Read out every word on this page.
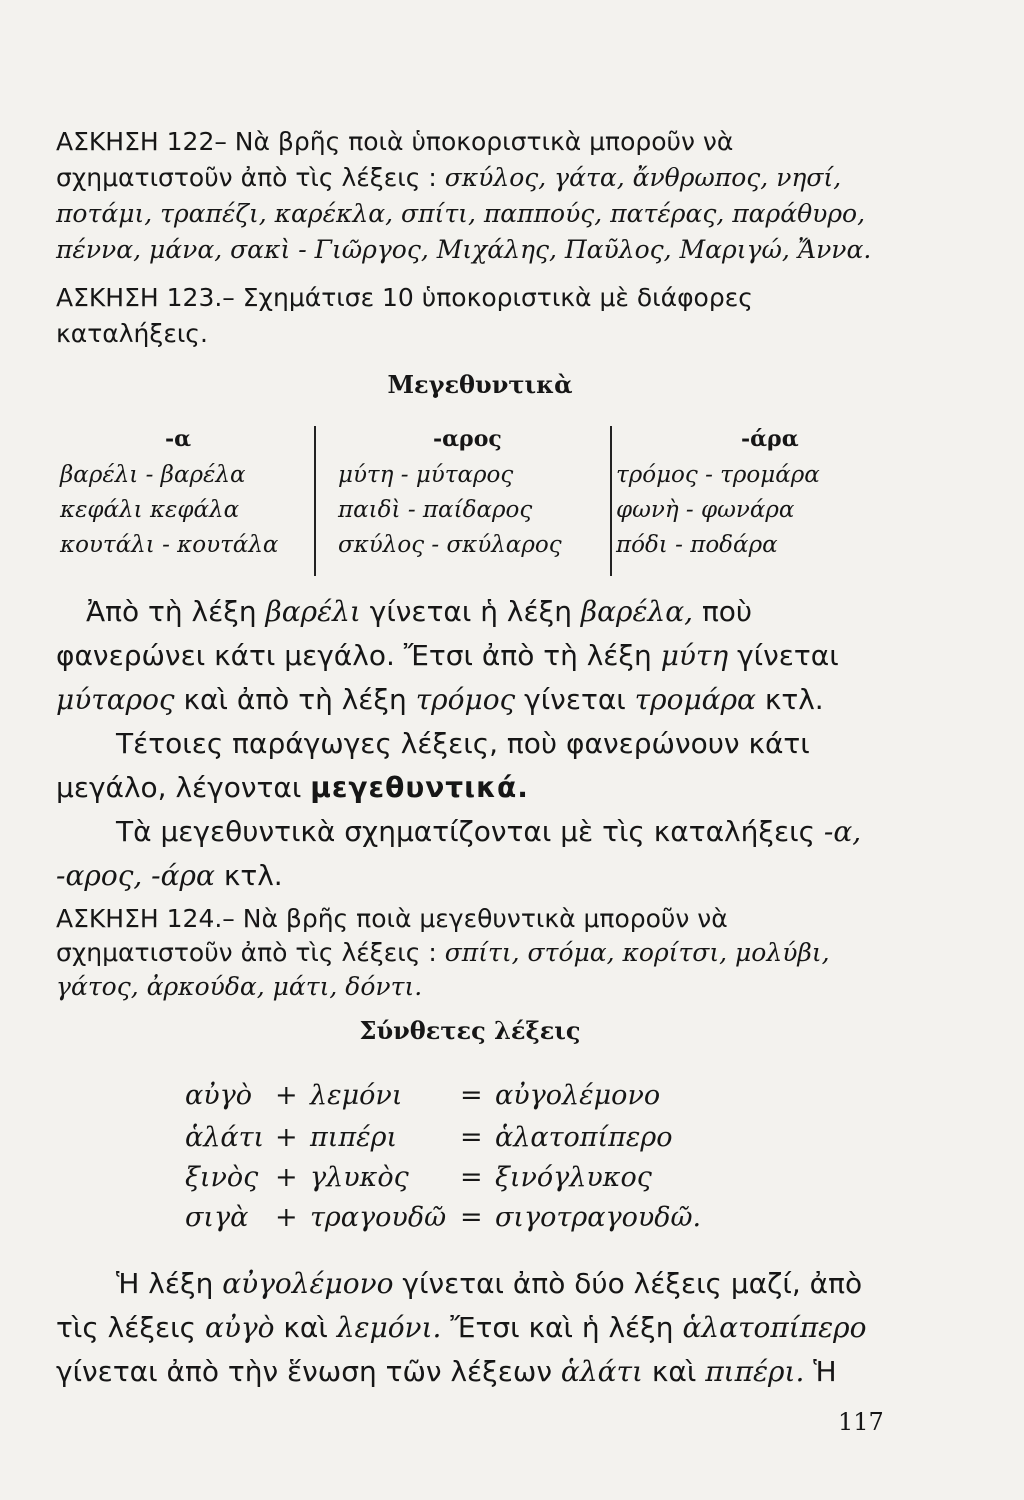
ΑΣΚΗΣΗ 122– Νὰ βρῆς ποιὰ ὑποκοριστικὰ μποροῦν νὰ σχηματιστοῦν ἀπὸ τὶς λέξεις : σκύλος, γάτα, ἄνθρωπος, νησί, ποτάμι, τραπέζι, καρέκλα, σπίτι, παππούς, πατέρας, παράθυρο, πέννα, μάνα, σακὶ - Γιῶργος, Μιχάλης, Παῦλος, Μαριγώ, Ἄννα.
ΑΣΚΗΣΗ 123.– Σχημάτισε 10 ὑποκοριστικὰ μὲ διάφορες καταλήξεις.
Μεγεθυντικὰ
-α
βαρέλι - βαρέλα
κεφάλι κεφάλα
κουτάλι - κουτάλα
-αρος
μύτη - μύταρος
παιδὶ - παίδαρος
σκύλος - σκύλαρος
-άρα
τρόμος - τρομάρα
φωνὴ - φωνάρα
πόδι - ποδάρα
Ἀπὸ τὴ λέξη βαρέλι γίνεται ἡ λέξη βαρέλα, ποὺ φανερώνει κάτι μεγάλο. Ἔτσι ἀπὸ τὴ λέξη μύτη γίνεται μύταρος καὶ ἀπὸ τὴ λέξη τρόμος γίνεται τρομάρα κτλ.
Τέτοιες παράγωγες λέξεις, ποὺ φανερώνουν κάτι μεγάλο, λέγονται μεγεθυντικά.
Τὰ μεγεθυντικὰ σχηματίζονται μὲ τὶς καταλήξεις -α, -αρος, -άρα κτλ.
ΑΣΚΗΣΗ 124.– Νὰ βρῆς ποιὰ μεγεθυντικὰ μποροῦν νὰ σχηματιστοῦν ἀπὸ τὶς λέξεις : σπίτι, στόμα, κορίτσι, μολύβι, γάτος, ἀρκούδα, μάτι, δόντι.
Σύνθετες λέξεις
αὐγὸ + λεμόνι = αὐγολέμονο
ἁλάτι + πιπέρι = ἁλατοπίπερο
ξινὸς + γλυκὸς = ξινόγλυκος
σιγὰ + τραγουδῶ = σιγοτραγουδῶ.
Ἡ λέξη αὐγολέμονο γίνεται ἀπὸ δύο λέξεις μαζί, ἀπὸ τὶς λέξεις αὐγὸ καὶ λεμόνι. Ἔτσι καὶ ἡ λέξη ἁλατοπίπερο γίνεται ἀπὸ τὴν ἕνωση τῶν λέξεων ἁλάτι καὶ πιπέρι. Ἡ
117
